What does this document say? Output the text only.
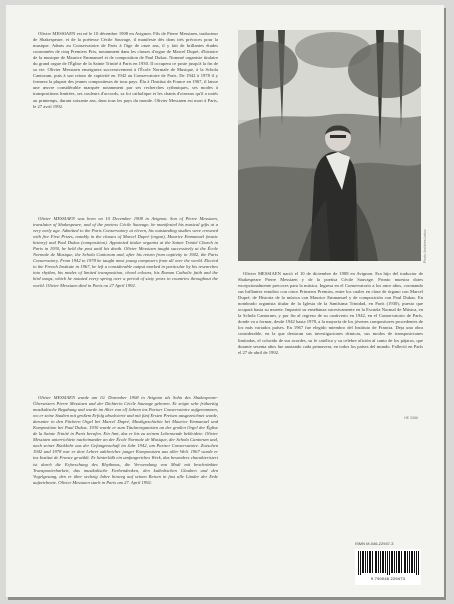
Olivier MESSIAEN est né le 10 décembre 1908 en Avignon. Fils de Pierre Messiaen, traducteur de Shakespeare, et de la poétesse Cécile Sauvage, il manifeste dès dons très précoces pour la musique. Admis au Conservatoire de Paris à l'âge de onze ans, il y fait de brillantes études couronnées de cinq Premiers Prix, notamment dans les classes d'orgue de Marcel Dupré, d'histoire de la musique de Maurice Emmanuel et de composition de Paul Dukas. Nommé organiste titulaire du grand orgue de l'Église de la Sainte Trinité à Paris en 1930. Il occupera ce poste jusqu'à la fin de sa vie. Olivier Messiaen enseignera successivement à l'École Normale de Musique, à la Schola Cantorum, puis à son retour de captivité en 1942 au Conservatoire de Paris. De 1942 à 1978 il y formera la plupart des jeunes compositeurs de tous pays. Élu à l'Institut de France en 1967, il laisse une œuvre considérable marquée notamment par ses recherches rythmiques, ses modes à transpositions limitées, ses couleurs d'accords, sa foi catholique et les chants d'oiseaux qu'il a notés au printemps, durant soixante ans, dans tous les pays du monde. Olivier Messiaen est mort à Paris, le 27 avril 1992.

Olivier MESSIAEN was born on 10 December 1908 in Avignon. Son of Pierre Messiaen, translator of Shakespeare, and of the poetess Cécile Sauvage, he manifested his musical gifts at a very early age. Admitted to the Paris Conservatory at eleven, his outstanding studies were crowned with five First Prizes, notably in the classes of Marcel Dupré (organ), Maurice Emmanuel (music history) and Paul Dukas (composition). Appointed titular organist at the Sainte Trinité Church in Paris in 1930, he held the post until his death. Olivier Messiaen taught successively at the École Normale de Musique, the Schola Cantorum and, after his return from captivity in 1942, the Paris Conservatory. From 1942 to 1978 he taught most young composers from all over the world. Elected to the French Institute in 1967, he left a considerable output marked in particular by his researches into rhythm, his modes of limited transposition, chord colours, his Roman Catholic faith and the bird songs, which he notated every spring over a period of sixty years in countries throughout the world. Olivier Messiaen died in Paris on 27 April 1992.

Olivier MESSIAEN wurde am 10. Dezember 1908 in Avignon als Sohn des Shakespeare-Übersetzers Pierre Messiaen und der Dichterin Cécile Sauvage geboren. Er zeigte sehr frühzeitig musikalische Begabung und wurde im Alter von elf Jahren ins Pariser Conservatoire aufgenommen, wo er seine Studien mit großem Erfolg absolvierte und mit fünf Ersten Preisen ausgezeichnet wurde, darunter in den Fächern Orgel bei Marcel Dupré, Musikgeschichte bei Maurice Emmanuel und Komposition bei Paul Dukas. 1930 wurde er zum Titularorganisten an der großen Orgel der Église de la Sainte Trinité in Paris berufen. Ein Amt, das er bis zu seinem Lebensende bekleidete. Olivier Messiaen unterrichtete nacheinander an der École Normale de Musique, der Schola Cantorum und, nach seiner Rückkehr aus der Gefangenschaft im Jahr 1942, am Pariser Conservatoire. Zwischen 1942 und 1978 war er dort Lehrer zahlreicher junger Komponisten aus aller Welt. 1967 wurde er ins Institut de France gewählt. Er hinterläßt ein umfangreiches Werk, das besonders charakterisiert ist durch die Erforschung des Rhythmus, die Verwendung von Modi mit beschränkter Transponierbarkeit, das musikalische Farbendenken, den katholischen Glauben und den Vogelgesang, den er über sechzig Jahre hinweg auf seinen Reisen in fast alle Länder der Erde aufzeichnete. Olivier Messiaen starb in Paris am 27. April 1992.

Olivier MESSIAEN nació el 10 de diciembre de 1908 en Avignon. Era hijo del traductor de Shakespeare Pierre Messiaen y de la poetisa Cécile Sauvage. Pronto muestra dotes excepcionalmente precoces para la música. Ingresa en el Conservatorio a los once años, coronando sus brillantes estudios con cinco Primeros Premios, entre los cuales en clase de órgano con Marcel Dupré, de Historia de la música con Maurice Emmanuel y de composición con Paul Dukas. En nombrado organista titular de la Iglesia de la Santísima Trinidad, en París (1930), puesto que ocupará hasta su muerte. Impartió su enseñanza sucesivamente en la Escuela Normal de Música, en la Schola Cantorum, y por fin al regreso de su cautiverio en 1942, en el Conservatorio de París, donde va a formar, desde 1942 hasta 1978, a la mayoría de los jóvenes compositores procedentes de los más variados países. En 1967 fue elegido miembro del Instituto de Francia. Deja una obra considerable, en la que destacan sus investigaciones rítmicas, sus modos de transposiciones limitadas, el colorido de sus acordes, su fe católica y su celebre afición al canto de los pájaros, que durante sesenta años fue anotando cada primavera, en todos los países del mundo. Falleció en París el 27 de abril de 1992.

Photo: Archives Leduc
HE 3386
ISMN M-046-22947-3
9 790046 229473
